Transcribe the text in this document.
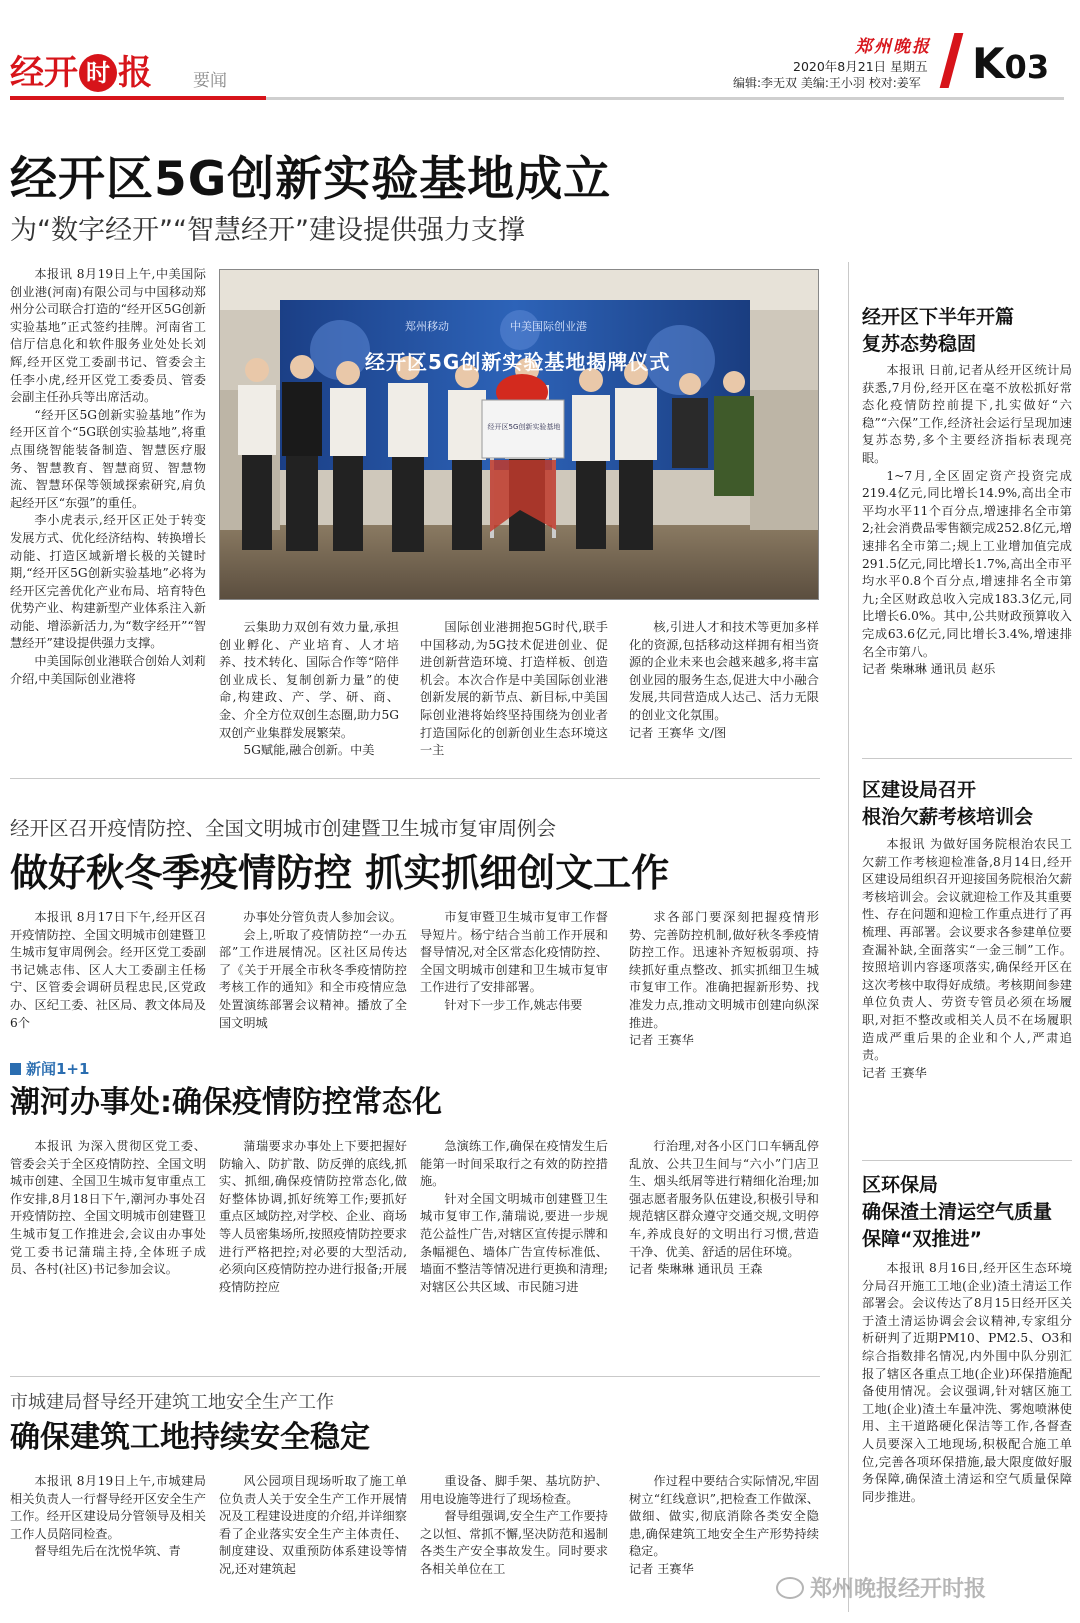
经开 时 报 要闻
郑州晚报
2020年8月21日 星期五
编辑:李无双 美编:王小羽 校对:姜军 K03
经开区5G创新实验基地成立
为“数字经开”“智慧经开”建设提供强力支撑

本报讯 8月19日上午,中美国际创业港(河南)有限公司与中国移动郑州分公司联合打造的“经开区5G创新实验基地”正式签约挂牌。河南省工信厅信息化和软件服务业处处长刘辉,经开区党工委副书记、管委会主任李小虎,经开区党工委委员、管委会副主任孙兵等出席活动。

“经开区5G创新实验基地”作为经开区首个“5G联创实验基地”,将重点围绕智能装备制造、智慧医疗服务、智慧教育、智慧商贸、智慧物流、智慧环保等领域探索研究,肩负起经开区“东强”的重任。

李小虎表示,经开区正处于转变发展方式、优化经济结构、转换增长动能、打造区域新增长极的关键时期,“经开区5G创新实验基地”必将为经开区完善优化产业布局、培育特色优势产业、构建新型产业体系注入新动能、增添新活力,为“数字经开”“智慧经开”建设提供强力支撑。

中美国际创业港联合创始人刘莉介绍,中美国际创业港将

郑州移动	中美国际创业港
经开区5G创新实验基地揭牌仪式
经开区5G创新实验基地

云集助力双创有效力量,承担创业孵化、产业培育、人才培养、技术转化、国际合作等“陪伴创业成长、复制创新力量”的使命,构建政、产、学、研、商、金、介全方位双创生态圈,助力5G双创产业集群发展繁荣。

5G赋能,融合创新。中美

国际创业港拥抱5G时代,联手中国移动,为5G技术促进创业、促进创新营造环境、打造样板、创造机会。本次合作是中美国际创业港创新发展的新节点、新目标,中美国际创业港将始终坚持围绕为创业者打造国际化的创新创业生态环境这一主

核,引进人才和技术等更加多样化的资源,包括移动这样拥有相当资源的企业未来也会越来越多,将丰富创业园的服务生态,促进大中小融合发展,共同营造成人达己、活力无限的创业文化氛围。

记者 王赛华 文/图

经开区召开疫情防控、全国文明城市创建暨卫生城市复审周例会
做好秋冬季疫情防控 抓实抓细创文工作

本报讯 8月17日下午,经开区召开疫情防控、全国文明城市创建暨卫生城市复审周例会。经开区党工委副书记姚志伟、区人大工委副主任杨宁、区管委会调研员程忠民,区党政办、区纪工委、社区局、教文体局及6个

办事处分管负责人参加会议。

会上,听取了疫情防控“一办五部”工作进展情况。区社区局传达了《关于开展全市秋冬季疫情防控考核工作的通知》和全市疫情应急处置演练部署会议精神。播放了全国文明城

市复审暨卫生城市复审工作督导短片。杨宁结合当前工作开展和督导情况,对全区常态化疫情防控、全国文明城市创建和卫生城市复审工作进行了安排部署。

针对下一步工作,姚志伟要

求各部门要深刻把握疫情形势、完善防控机制,做好秋冬季疫情防控工作。迅速补齐短板弱项、持续抓好重点整改、抓实抓细卫生城市复审工作。准确把握新形势、找准发力点,推动文明城市创建向纵深推进。

记者 王赛华

新闻1+1
潮河办事处:确保疫情防控常态化

本报讯 为深入贯彻区党工委、管委会关于全区疫情防控、全国文明城市创建、全国卫生城市复审重点工作安排,8月18日下午,潮河办事处召开疫情防控、全国文明城市创建暨卫生城市复工作推进会,会议由办事处党工委书记蒲瑞主持,全体班子成员、各村(社区)书记参加会议。

蒲瑞要求办事处上下要把握好防输入、防扩散、防反弹的底线,抓实、抓细,确保疫情防控常态化,做好整体协调,抓好统筹工作;要抓好重点区域防控,对学校、企业、商场等人员密集场所,按照疫情防控要求进行严格把控;对必要的大型活动,必须向区疫情防控办进行报备;开展疫情防控应

急演练工作,确保在疫情发生后能第一时间采取行之有效的防控措施。

针对全国文明城市创建暨卫生城市复审工作,蒲瑞说,要进一步规范公益性广告,对辖区宣传提示牌和条幅褪色、墙体广告宣传标准低、墙面不整洁等情况进行更换和清理;对辖区公共区域、市民随习进

行治理,对各小区门口车辆乱停乱放、公共卫生间与“六小”门店卫生、烟头纸屑等进行精细化治理;加强志愿者服务队伍建设,积极引导和规范辖区群众遵守交通交规,文明停车,养成良好的文明出行习惯,营造干净、优美、舒适的居住环境。

记者 柴琳琳 通讯员 王森

市城建局督导经开建筑工地安全生产工作
确保建筑工地持续安全稳定

本报讯 8月19日上午,市城建局相关负责人一行督导经开区安全生产工作。经开区建设局分管领导及相关工作人员陪同检查。

督导组先后在沈悦华筑、青

风公园项目现场听取了施工单位负责人关于安全生产工作开展情况及工程建设进度的介绍,并详细察看了企业落实安全生产主体责任、制度建设、双重预防体系建设等情况,还对建筑起

重设备、脚手架、基坑防护、用电设施等进行了现场检查。

督导组强调,安全生产工作要持之以恒、常抓不懈,坚决防范和遏制各类生产安全事故发生。同时要求各相关单位在工

作过程中要结合实际情况,牢固树立“红线意识”,把检查工作做深、做细、做实,彻底消除各类安全隐患,确保建筑工地安全生产形势持续稳定。

记者 王赛华

经开区下半年开篇
复苏态势稳固

本报讯 日前,记者从经开区统计局获悉,7月份,经开区在毫不放松抓好常态化疫情防控前提下,扎实做好“六稳”“六保”工作,经济社会运行呈现加速复苏态势,多个主要经济指标表现亮眼。

1~7月,全区固定资产投资完成219.4亿元,同比增长14.9%,高出全市平均水平11个百分点,增速排名全市第2;社会消费品零售额完成252.8亿元,增速排名全市第二;规上工业增加值完成291.5亿元,同比增长1.7%,高出全市平均水平0.8个百分点,增速排名全市第九;全区财政总收入完成183.3亿元,同比增长6.0%。其中,公共财政预算收入完成63.6亿元,同比增长3.4%,增速排名全市第八。

记者 柴琳琳 通讯员 赵乐

区建设局召开
根治欠薪考核培训会

本报讯 为做好国务院根治农民工欠薪工作考核迎检准备,8月14日,经开区建设局组织召开迎接国务院根治欠薪考核培训会。会议就迎检工作及其重要性、存在问题和迎检工作重点进行了再梳理、再部署。会议要求各参建单位要查漏补缺,全面落实“一金三制”工作。按照培训内容逐项落实,确保经开区在这次考核中取得好成绩。考核期间参建单位负责人、劳资专管员必须在场履职,对拒不整改或相关人员不在场履职造成严重后果的企业和个人,严肃追责。

记者 王赛华

区环保局
确保渣土清运空气质量
保障“双推进”

本报讯 8月16日,经开区生态环境分局召开施工工地(企业)渣土清运工作部署会。会议传达了8月15日经开区关于渣土清运协调会会议精神,专家组分析研判了近期PM10、PM2.5、O3和综合指数排名情况,内外围中队分别汇报了辖区各重点工地(企业)环保措施配备使用情况。会议强调,针对辖区施工工地(企业)渣土车量冲洗、雾炮喷淋使用、主干道路硬化保洁等工作,各督查人员要深入工地现场,积极配合施工单位,完善各项环保措施,最大限度做好服务保障,确保渣土清运和空气质量保障同步推进。

郑州晚报经开时报
